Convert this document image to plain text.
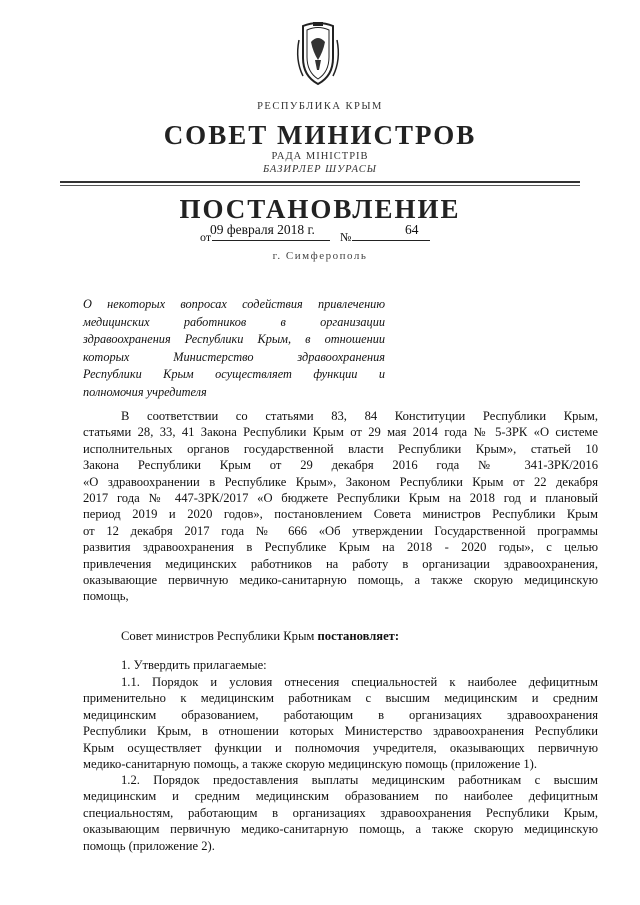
РЕСПУБЛИКА КРЫМ
СОВЕТ МИНИСТРОВ
РАДА МІНІСТРІВ
БАЗИРЛЕР ШУРАСЫ
ПОСТАНОВЛЕНИЕ
от
09 февраля 2018 г. №	64
г. Симферополь
О некоторых вопросах содействия привлечению
медицинских работников в организации
здравоохранения Республики Крым, в отношении
которых Министерство здравоохранения
Республики Крым осуществляет функции и
полномочия учредителя
В соответствии со статьями 83, 84 Конституции Республики Крым,
статьями 28, 33, 41 Закона Республики Крым от 29 мая 2014 года № 5-ЗРК «О системе
исполнительных органов государственной власти Республики Крым», статьей 10
Закона Республики Крым от 29 декабря 2016 года № 341-ЗРК/2016
«О здравоохранении в Республике Крым», Законом Республики Крым от 22 декабря
2017 года № 447-ЗРК/2017 «О бюджете Республики Крым на 2018 год и плановый
период 2019 и 2020 годов», постановлением Совета министров Республики Крым
от 12 декабря 2017 года № 666 «Об утверждении Государственной программы
развития здравоохранения в Республике Крым на 2018 - 2020 годы», с целью
привлечения медицинских работников на работу в организации здравоохранения,
оказывающие первичную медико-санитарную помощь, а также скорую медицинскую
помощь,
Совет министров Республики Крым постановляет:
1. Утвердить прилагаемые:
1.1. Порядок и условия отнесения специальностей к наиболее дефицитным
применительно к медицинским работникам с высшим медицинским и средним
медицинским образованием, работающим в организациях здравоохранения
Республики Крым, в отношении которых Министерство здравоохранения Республики
Крым осуществляет функции и полномочия учредителя, оказывающих первичную
медико-санитарную помощь, а также скорую медицинскую помощь (приложение 1).
1.2. Порядок предоставления выплаты медицинским работникам с высшим
медицинским и средним медицинским образованием по наиболее дефицитным
специальностям, работающим в организациях здравоохранения Республики Крым,
оказывающим первичную медико-санитарную помощь, а также скорую медицинскую
помощь (приложение 2).
